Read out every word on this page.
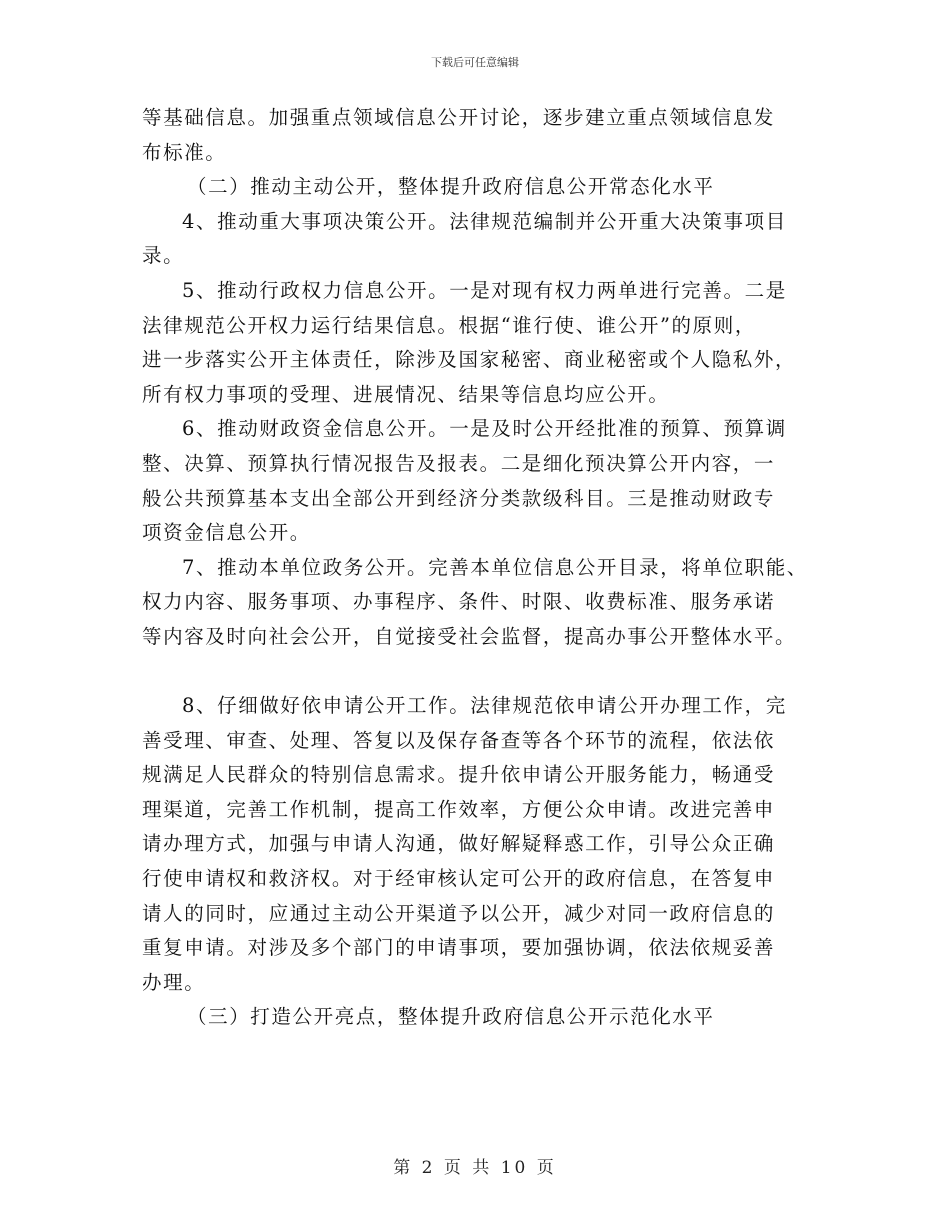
下载后可任意编辑
等基础信息。加强重点领域信息公开讨论，逐步建立重点领域信息发
布标准。
（二）推动主动公开，整体提升政府信息公开常态化水平
4、推动重大事项决策公开。法律规范编制并公开重大决策事项目
录。
5、推动行政权力信息公开。一是对现有权力两单进行完善。二是
法律规范公开权力运行结果信息。根据“谁行使、谁公开”的原则，
进一步落实公开主体责任，除涉及国家秘密、商业秘密或个人隐私外，
所有权力事项的受理、进展情况、结果等信息均应公开。
6、推动财政资金信息公开。一是及时公开经批准的预算、预算调
整、决算、预算执行情况报告及报表。二是细化预决算公开内容，一
般公共预算基本支出全部公开到经济分类款级科目。三是推动财政专
项资金信息公开。
7、推动本单位政务公开。完善本单位信息公开目录，将单位职能、
权力内容、服务事项、办事程序、条件、时限、收费标准、服务承诺
等内容及时向社会公开，自觉接受社会监督，提高办事公开整体水平。
8、仔细做好依申请公开工作。法律规范依申请公开办理工作，完
善受理、审查、处理、答复以及保存备查等各个环节的流程，依法依
规满足人民群众的特别信息需求。提升依申请公开服务能力，畅通受
理渠道，完善工作机制，提高工作效率，方便公众申请。改进完善申
请办理方式，加强与申请人沟通，做好解疑释惑工作，引导公众正确
行使申请权和救济权。对于经审核认定可公开的政府信息，在答复申
请人的同时，应通过主动公开渠道予以公开，减少对同一政府信息的
重复申请。对涉及多个部门的申请事项，要加强协调，依法依规妥善
办理。
（三）打造公开亮点，整体提升政府信息公开示范化水平
第 2 页 共 10 页
